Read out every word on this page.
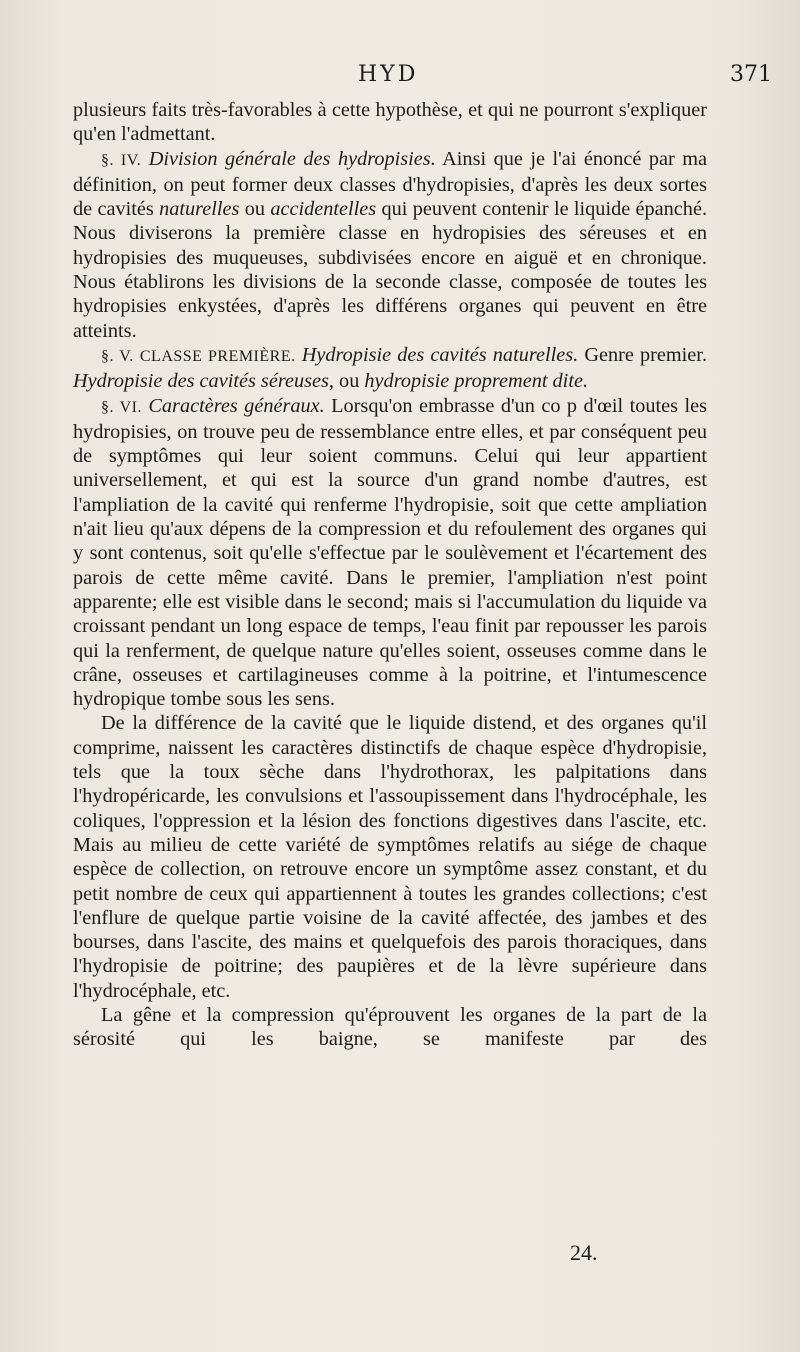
HYD	371

plusieurs faits très-favorables à cette hypothèse, et qui ne pourront s'expliquer qu'en l'admettant.

§. IV. Division générale des hydropisies. Ainsi que je l'ai énoncé par ma définition, on peut former deux classes d'hydropisies, d'après les deux sortes de cavités naturelles ou accidentelles qui peuvent contenir le liquide épanché. Nous diviserons la première classe en hydropisies des séreuses et en hydropisies des muqueuses, subdivisées encore en aiguë et en chronique. Nous établirons les divisions de la seconde classe, composée de toutes les hydropisies enkystées, d'après les différens organes qui peuvent en être atteints.

§. V. CLASSE PREMIÈRE. Hydropisie des cavités naturelles. Genre premier. Hydropisie des cavités séreuses, ou hydropisie proprement dite.

§. VI. Caractères généraux. Lorsqu'on embrasse d'un co p d'œil toutes les hydropisies, on trouve peu de ressemblance entre elles, et par conséquent peu de symptômes qui leur soient communs. Celui qui leur appartient universellement, et qui est la source d'un grand nombe d'autres, est l'ampliation de la cavité qui renferme l'hydropisie, soit que cette ampliation n'ait lieu qu'aux dépens de la compression et du refoulement des organes qui y sont contenus, soit qu'elle s'effectue par le soulèvement et l'écartement des parois de cette même cavité. Dans le premier, l'ampliation n'est point apparente; elle est visible dans le second; mais si l'accumulation du liquide va croissant pendant un long espace de temps, l'eau finit par repousser les parois qui la renferment, de quelque nature qu'elles soient, osseuses comme dans le crâne, osseuses et cartilagineuses comme à la poitrine, et l'intumescence hydropique tombe sous les sens.

De la différence de la cavité que le liquide distend, et des organes qu'il comprime, naissent les caractères distinctifs de chaque espèce d'hydropisie, tels que la toux sèche dans l'hydrothorax, les palpitations dans l'hydropéricarde, les convulsions et l'assoupissement dans l'hydrocéphale, les coliques, l'oppression et la lésion des fonctions digestives dans l'ascite, etc. Mais au milieu de cette variété de symptômes relatifs au siége de chaque espèce de collection, on retrouve encore un symptôme assez constant, et du petit nombre de ceux qui appartiennent à toutes les grandes collections; c'est l'enflure de quelque partie voisine de la cavité affectée, des jambes et des bourses, dans l'ascite, des mains et quelquefois des parois thoraciques, dans l'hydropisie de poitrine; des paupières et de la lèvre supérieure dans l'hydrocéphale, etc.

La gêne et la compression qu'éprouvent les organes de la part de la sérosité qui les baigne, se manifeste par des

24.
